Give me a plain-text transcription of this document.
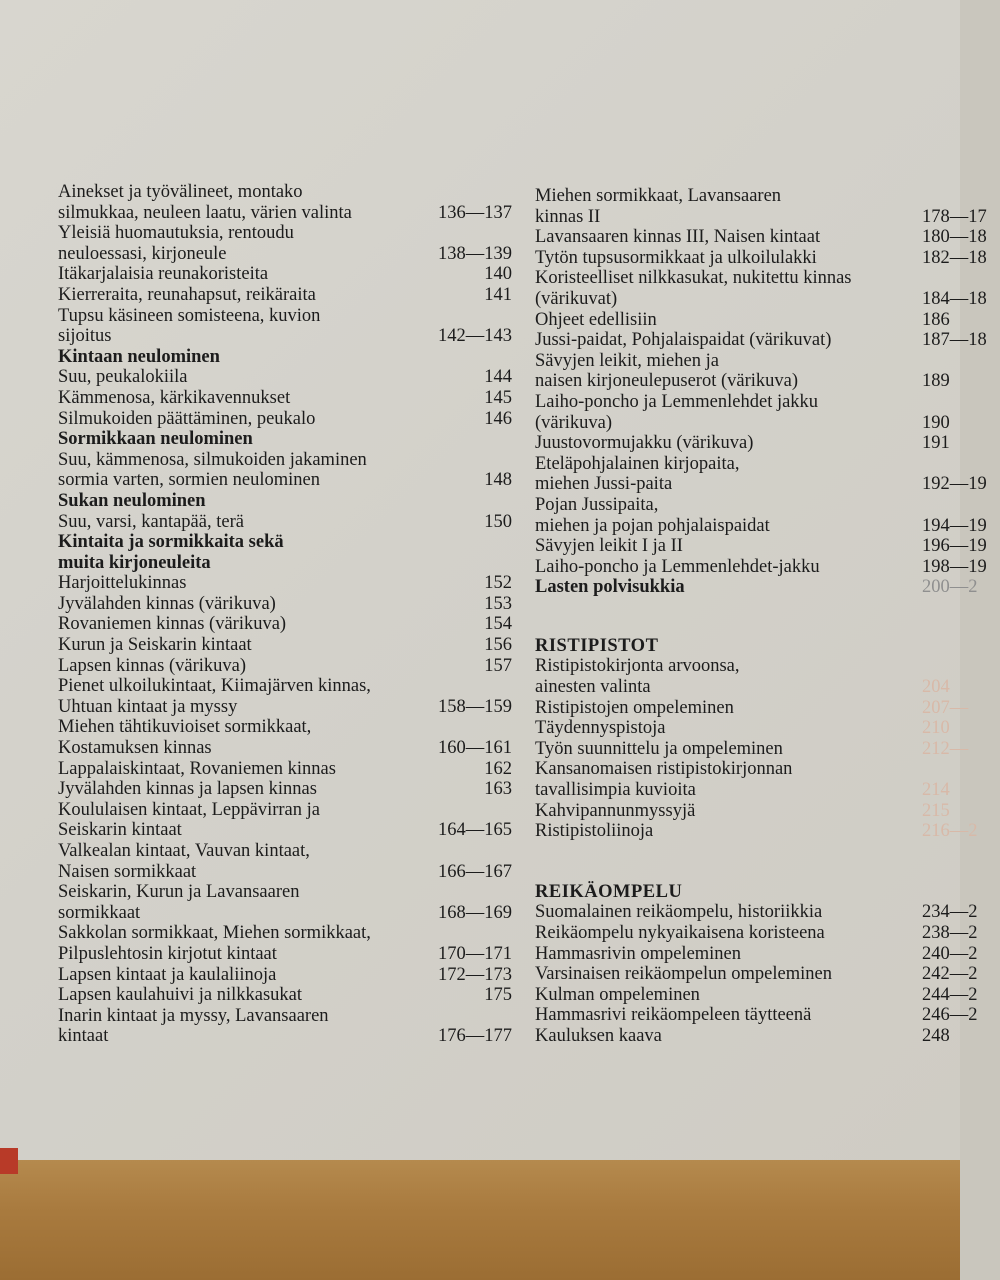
Ainekset ja työvälineet, montako
silmukkaa, neuleen laatu, värien valinta	136—137
Yleisiä huomautuksia, rentoudu
neuloessasi, kirjoneule	138—139
Itäkarjalaisia reunakoristeita	140
Kierreraita, reunahapsut, reikäraita	141
Tupsu käsineen somisteena, kuvion
sijoitus	142—143
Kintaan neulominen
Suu, peukalokiila	144
Kämmenosa, kärkikavennukset	145
Silmukoiden päättäminen, peukalo	146
Sormikkaan neulominen
Suu, kämmenosa, silmukoiden jakaminen
sormia varten, sormien neulominen	148
Sukan neulominen
Suu, varsi, kantapää, terä	150
Kintaita ja sormikkaita sekä
muita kirjoneuleita
Harjoittelukinnas	152
Jyvälahden kinnas (värikuva)	153
Rovaniemen kinnas (värikuva)	154
Kurun ja Seiskarin kintaat	156
Lapsen kinnas (värikuva)	157
Pienet ulkoilukintaat, Kiimajärven kinnas,
Uhtuan kintaat ja myssy	158—159
Miehen tähtikuvioiset sormikkaat,
Kostamuksen kinnas	160—161
Lappalaiskintaat, Rovaniemen kinnas	162
Jyvälahden kinnas ja lapsen kinnas	163
Koululaisen kintaat, Leppävirran ja
Seiskarin kintaat	164—165
Valkealan kintaat, Vauvan kintaat,
Naisen sormikkaat	166—167
Seiskarin, Kurun ja Lavansaaren
sormikkaat	168—169
Sakkolan sormikkaat, Miehen sormikkaat,
Pilpuslehtosin kirjotut kintaat	170—171
Lapsen kintaat ja kaulaliinoja	172—173
Lapsen kaulahuivi ja nilkkasukat	175
Inarin kintaat ja myssy, Lavansaaren
kintaat	176—177
Miehen sormikkaat, Lavansaaren
kinnas II	178—17
Lavansaaren kinnas III, Naisen kintaat	180—18
Tytön tupsusormikkaat ja ulkoilulakki	182—18
Koristeelliset nilkkasukat, nukitettu kinnas
(värikuvat)	184—18
Ohjeet edellisiin	186
Jussi-paidat, Pohjalaispaidat (värikuvat)	187—18
Sävyjen leikit, miehen ja
naisen kirjoneulepuserot (värikuva)	189
Laiho-poncho ja Lemmenlehdet jakku
(värikuva)	190
Juustovormujakku (värikuva)	191
Eteläpohjalainen kirjopaita,
miehen Jussi-paita	192—19
Pojan Jussipaita,
miehen ja pojan pohjalaispaidat	194—19
Sävyjen leikit I ja II	196—19
Laiho-poncho ja Lemmenlehdet-jakku	198—19
Lasten polvisukkia	200—2
RISTIPISTOT
Ristipistokirjonta arvoonsa,
ainesten valinta	204
Ristipistojen ompeleminen	207—
Täydennyspistoja	210
Työn suunnittelu ja ompeleminen	212—
Kansanomaisen ristipistokirjonnan
tavallisimpia kuvioita	214
Kahvipannunmyssyjä	215
Ristipistoliinoja	216—2
REIKÄOMPELU
Suomalainen reikäompelu, historiikkia	234—2
Reikäompelu nykyaikaisena koristeena	238—2
Hammasrivin ompeleminen	240—2
Varsinaisen reikäompelun ompeleminen	242—2
Kulman ompeleminen	244—2
Hammasrivi reikäompeleen täytteenä	246—2
Kauluksen kaava	248
